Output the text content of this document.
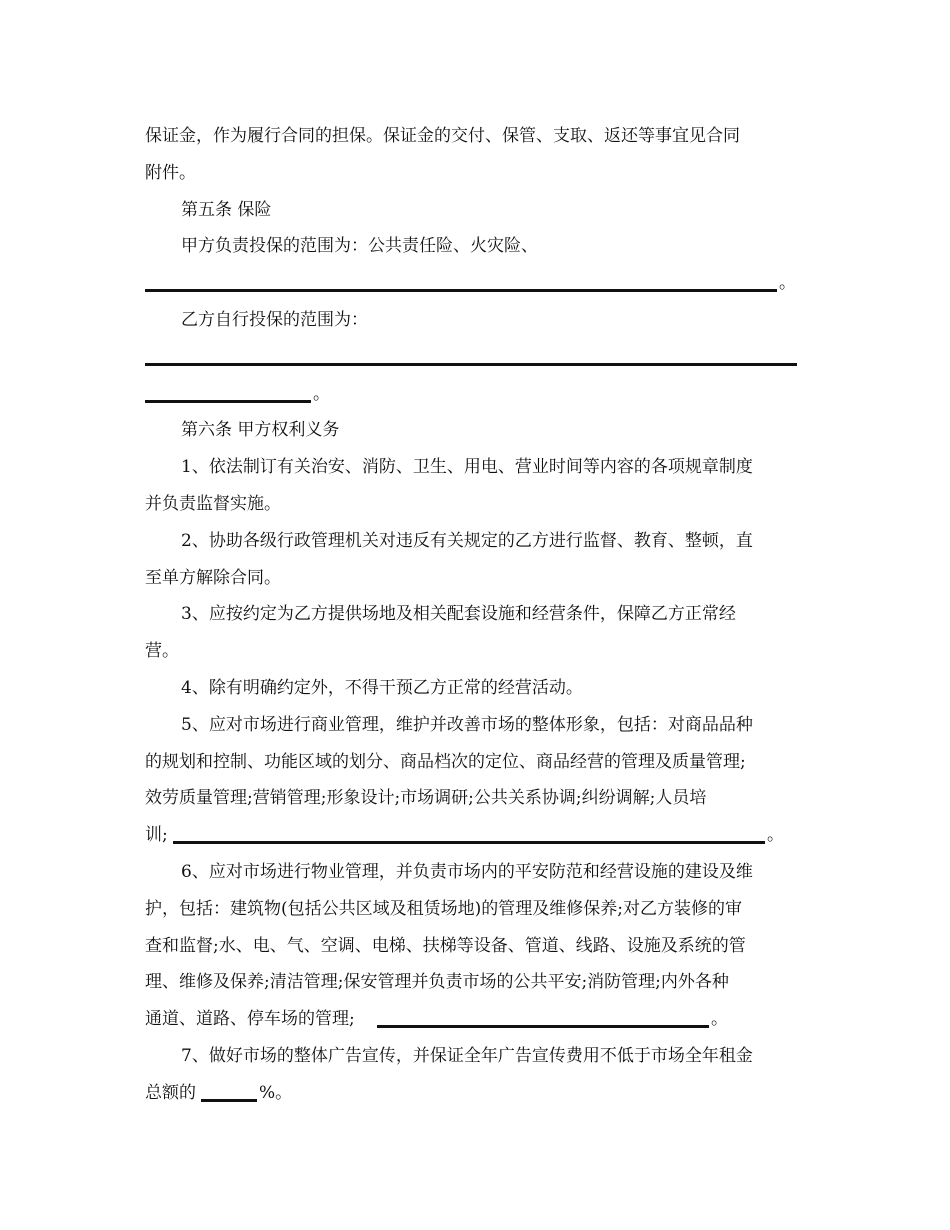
保证金，作为履行合同的担保。保证金的交付、保管、支取、返还等事宜见合同
附件。
第五条 保险
甲方负责投保的范围为：公共责任险、火灾险、
。
乙方自行投保的范围为：
。
第六条 甲方权利义务
1、依法制订有关治安、消防、卫生、用电、营业时间等内容的各项规章制度
并负责监督实施。
2、协助各级行政管理机关对违反有关规定的乙方进行监督、教育、整顿，直
至单方解除合同。
3、应按约定为乙方提供场地及相关配套设施和经营条件，保障乙方正常经
营。
4、除有明确约定外，不得干预乙方正常的经营活动。
5、应对市场进行商业管理，维护并改善市场的整体形象，包括：对商品品种
的规划和控制、功能区域的划分、商品档次的定位、商品经营的管理及质量管理;
效劳质量管理;营销管理;形象设计;市场调研;公共关系协调;纠纷调解;人员培
训;	。
6、应对市场进行物业管理，并负责市场内的平安防范和经营设施的建设及维
护，包括：建筑物(包括公共区域及租赁场地)的管理及维修保养;对乙方装修的审
查和监督;水、电、气、空调、电梯、扶梯等设备、管道、线路、设施及系统的管
理、维修及保养;清洁管理;保安管理并负责市场的公共平安;消防管理;内外各种
通道、道路、停车场的管理;	。
7、做好市场的整体广告宣传，并保证全年广告宣传费用不低于市场全年租金
总额的	%。
